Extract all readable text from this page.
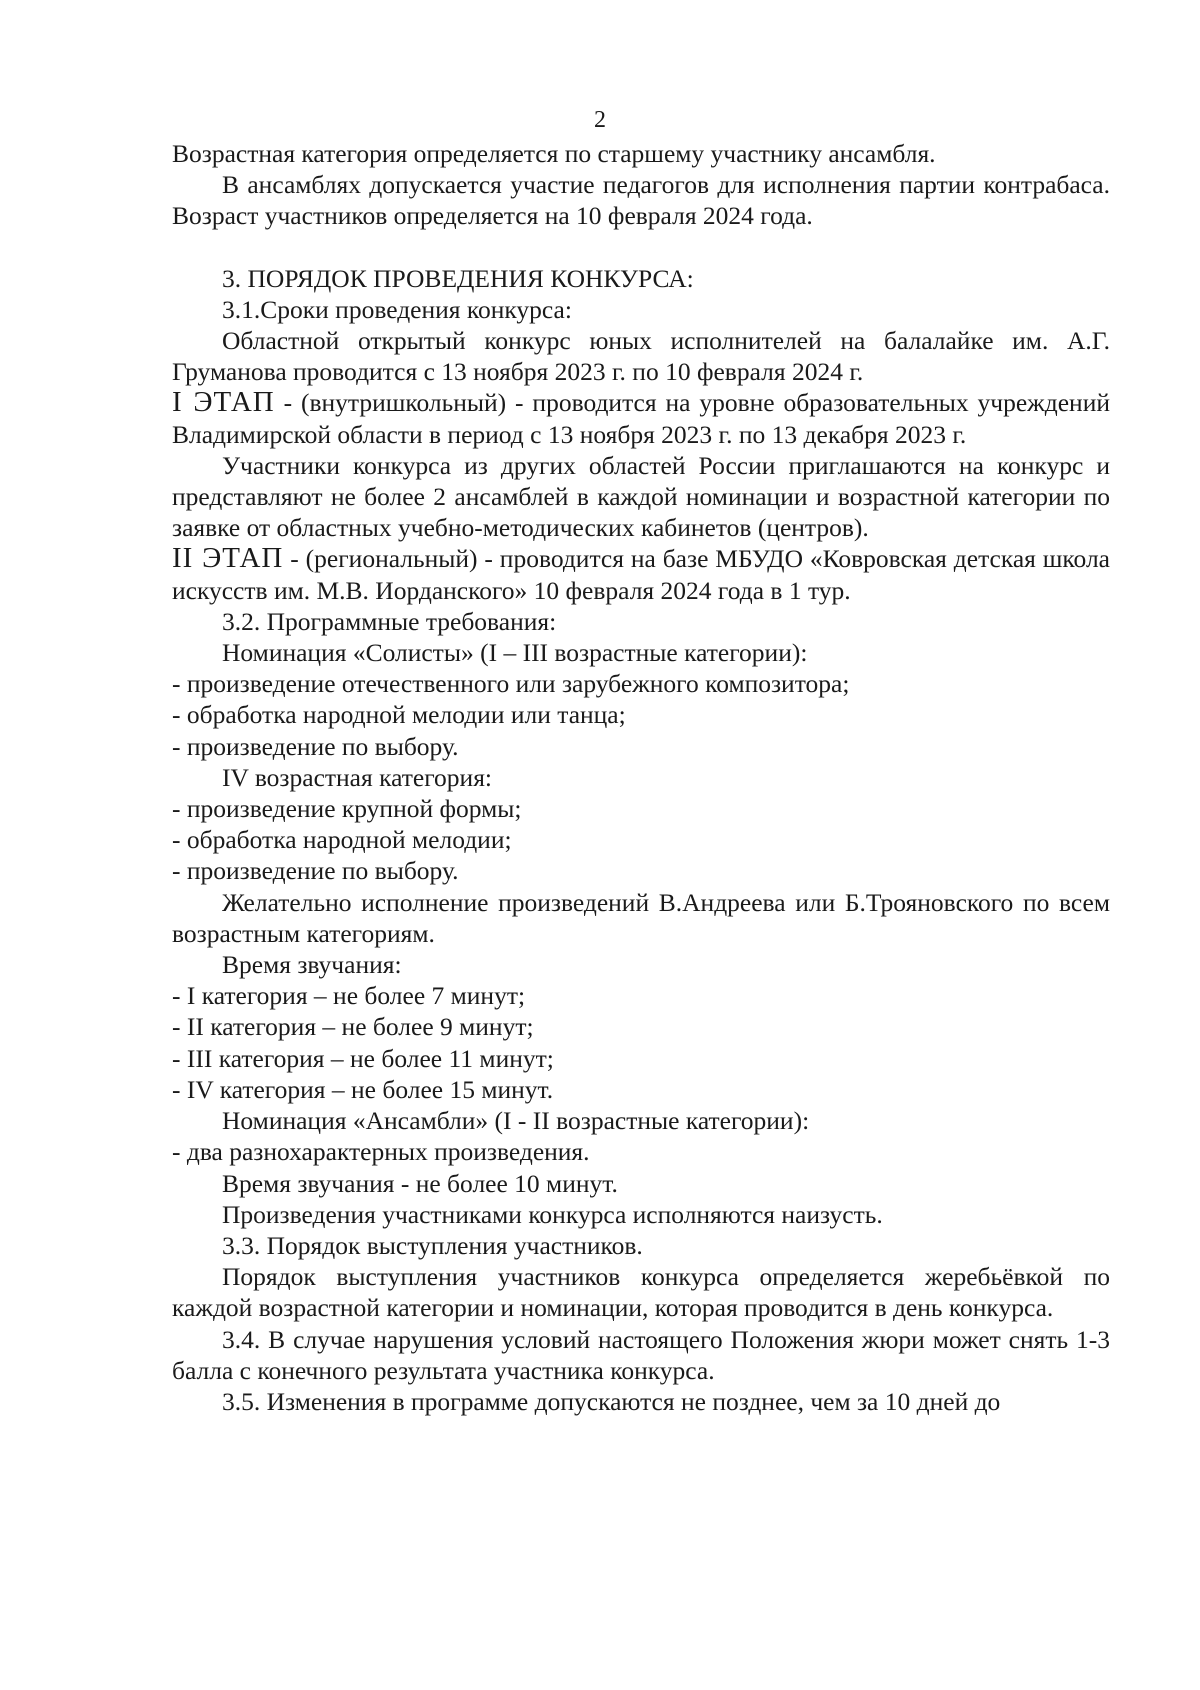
2

Возрастная категория определяется по старшему участнику ансамбля.

В ансамблях допускается участие педагогов для исполнения партии контрабаса. Возраст участников определяется на 10 февраля 2024 года.

3. ПОРЯДОК ПРОВЕДЕНИЯ КОНКУРСА:

3.1.Сроки проведения конкурса:

Областной открытый конкурс юных исполнителей на балалайке им. А.Г. Груманова проводится с 13 ноября 2023 г. по 10 февраля 2024 г.

I ЭТАП - (внутришкольный) - проводится на уровне образовательных учреждений Владимирской области в период с 13 ноября 2023 г. по 13 декабря 2023 г.

Участники конкурса из других областей России приглашаются на конкурс и представляют не более 2 ансамблей в каждой номинации и возрастной категории по заявке от областных учебно-методических кабинетов (центров).

II ЭТАП - (региональный) - проводится на базе МБУДО «Ковровская детская школа искусств им. М.В. Иорданского» 10 февраля 2024 года в 1 тур.

3.2. Программные требования:

Номинация «Солисты» (I – III возрастные категории):

- произведение отечественного или зарубежного композитора;

- обработка народной мелодии или танца;

- произведение по выбору.

IV возрастная категория:

- произведение крупной формы;

- обработка народной мелодии;

- произведение по выбору.

Желательно исполнение произведений В.Андреева или Б.Трояновского по всем возрастным категориям.

Время звучания:

- I категория – не более 7 минут;

- II категория – не более 9 минут;

- III категория – не более 11 минут;

- IV категория – не более 15 минут.

Номинация «Ансамбли» (I - II возрастные категории):

- два разнохарактерных произведения.

Время звучания - не более 10 минут.

Произведения участниками конкурса исполняются наизусть.

3.3. Порядок выступления участников.

Порядок выступления участников конкурса определяется жеребьёвкой по каждой возрастной категории и номинации, которая проводится в день конкурса.

3.4. В случае нарушения условий настоящего Положения жюри может снять 1-3 балла с конечного результата участника конкурса.

3.5. Изменения в программе допускаются не позднее, чем за 10 дней до
